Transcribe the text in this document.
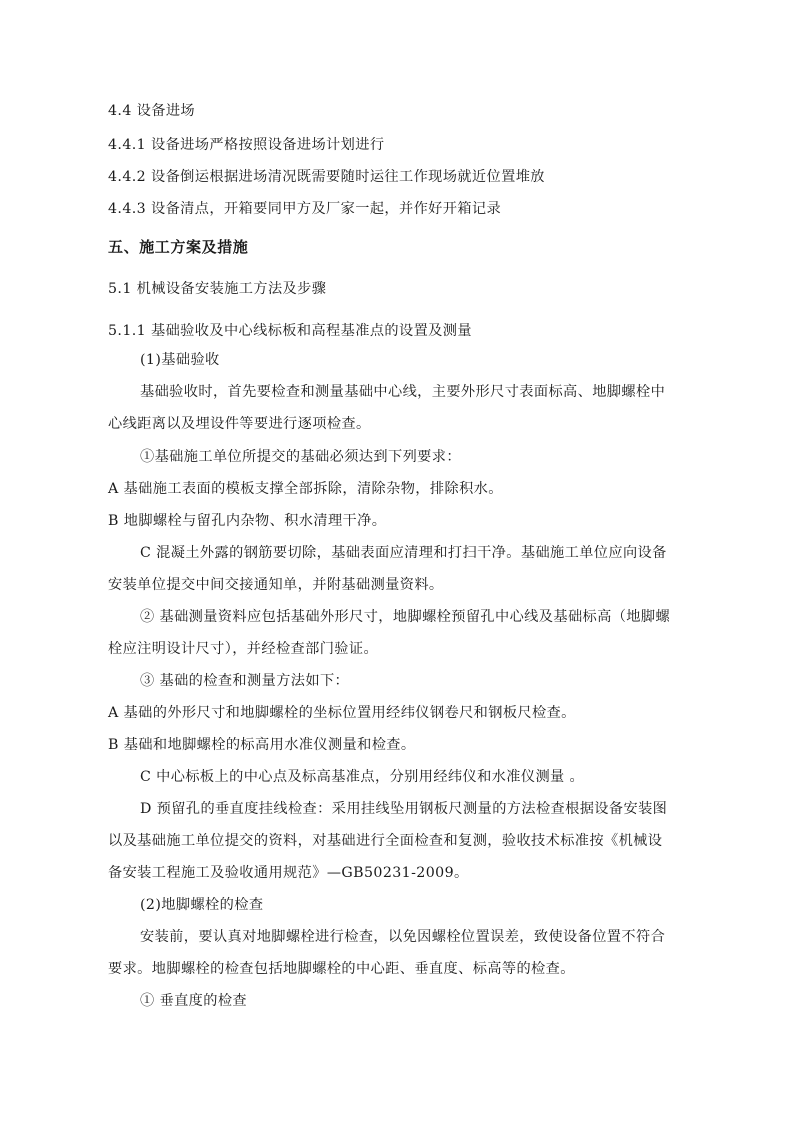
4.4 设备进场
4.4.1 设备进场严格按照设备进场计划进行
4.4.2 设备倒运根据进场清况既需要随时运往工作现场就近位置堆放
4.4.3 设备清点，开箱要同甲方及厂家一起，并作好开箱记录
五、施工方案及措施
5.1 机械设备安装施工方法及步骤
5.1.1 基础验收及中心线标板和高程基准点的设置及测量
(1)基础验收
基础验收时，首先要检查和测量基础中心线，主要外形尺寸表面标高、地脚螺栓中
心线距离以及埋设件等要进行逐项检查。
①基础施工单位所提交的基础必须达到下列要求：
A 基础施工表面的模板支撑全部拆除，清除杂物，排除积水。
B 地脚螺栓与留孔内杂物、积水清理干净。
C 混凝土外露的钢筋要切除，基础表面应清理和打扫干净。基础施工单位应向设备
安装单位提交中间交接通知单，并附基础测量资料。
② 基础测量资料应包括基础外形尺寸，地脚螺栓预留孔中心线及基础标高（地脚螺
栓应注明设计尺寸），并经检查部门验证。
③ 基础的检查和测量方法如下：
A 基础的外形尺寸和地脚螺栓的坐标位置用经纬仪钢卷尺和钢板尺检查。
B 基础和地脚螺栓的标高用水准仪测量和检查。
C 中心标板上的中心点及标高基准点，分别用经纬仪和水准仪测量 。
D 预留孔的垂直度挂线检查：采用挂线坠用钢板尺测量的方法检查根据设备安装图
以及基础施工单位提交的资料，对基础进行全面检查和复测，验收技术标准按《机械设
备安装工程施工及验收通用规范》—GB50231-2009。
(2)地脚螺栓的检查
安装前，要认真对地脚螺栓进行检查，以免因螺栓位置误差，致使设备位置不符合
要求。地脚螺栓的检查包括地脚螺栓的中心距、垂直度、标高等的检查。
① 垂直度的检查
